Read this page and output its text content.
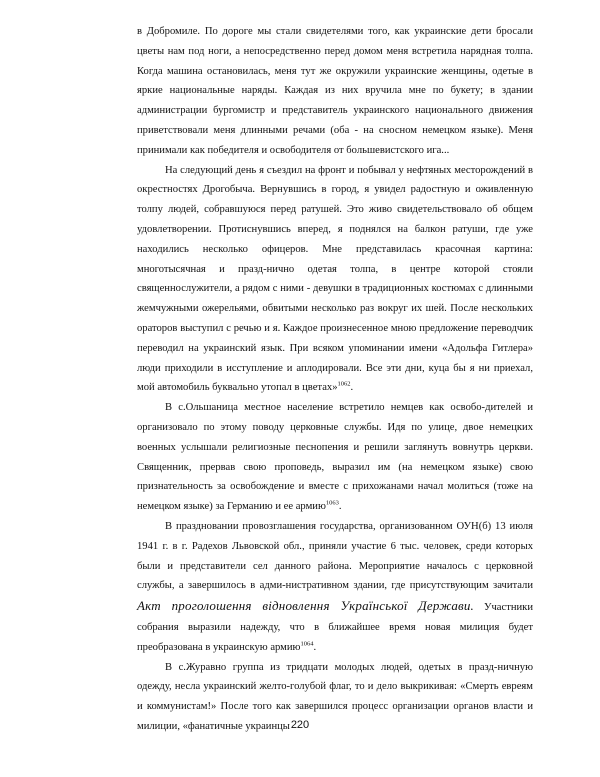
в Добромиле. По дороге мы стали свидетелями того, как украинские дети бросали цветы нам под ноги, а непосредственно перед домом меня встретила нарядная толпа. Когда машина остановилась, меня тут же окружили украинские женщины, одетые в яркие национальные наряды. Каждая из них вручила мне по букету; в здании администрации бургомистр и представитель украинского национального движения приветствовали меня длинными речами (оба - на сносном немецком языке). Меня принимали как победителя и освободителя от большевистского ига...

На следующий день я съездил на фронт и побывал у нефтяных месторождений в окрестностях Дрогобыча. Вернувшись в город, я увидел радостную и оживленную толпу людей, собравшуюся перед ратушей. Это живо свидетельствовало об общем удовлетворении. Протиснувшись вперед, я поднялся на балкон ратуши, где уже находились несколько офицеров. Мне представилась красочная картина: многотысячная и празд-нично одетая толпа, в центре которой стояли священнослужители, а рядом с ними - девушки в традиционных костюмах с длинными жемчужными ожерельями, обвитыми несколько раз вокруг их шей. После нескольких ораторов выступил с речью и я. Каждое произнесенное мною предложение переводчик переводил на украинский язык. При всяком упоминании имени «Адольфа Гитлера» люди приходили в исступление и аплодировали. Все эти дни, куца бы я ни приехал, мой автомобиль буквально утопал в цветах»$^{1062}$.

В с.Ольшаница местное население встретило немцев как освобо-дителей и организовало по этому поводу церковные службы. Идя по улице, двое немецких военных услышали религиозные песнопения и решили заглянуть вовнутрь церкви. Священник, прервав свою проповедь, выразил им (на немецком языке) свою признательность за освобождение и вместе с прихожанами начал молиться (тоже на немецком языке) за Германию и ее армию$^{1063}$.

В праздновании провозглашения государства, организованном ОУН(б) 13 июля 1941 г. в г. Радехов Львовской обл., приняли участие 6 тыс. человек, среди которых были и представители сел данного района. Мероприятие началось с церковной службы, а завершилось в адми-нистративном здании, где присутствующим зачитали Акт проголошення відновлення Української Держави. Участники собрания выразили надежду, что в ближайшее время новая милиция будет преобразована в украинскую армию$^{1064}$.

В с.Журавно группа из тридцати молодых людей, одетых в празд-ничную одежду, несла украинский желто-голубой флаг, то и дело выкрикивая: «Смерть евреям и коммунистам!» После того как завершился процесс организации органов власти и милиции, «фанатичные украинцы 220
